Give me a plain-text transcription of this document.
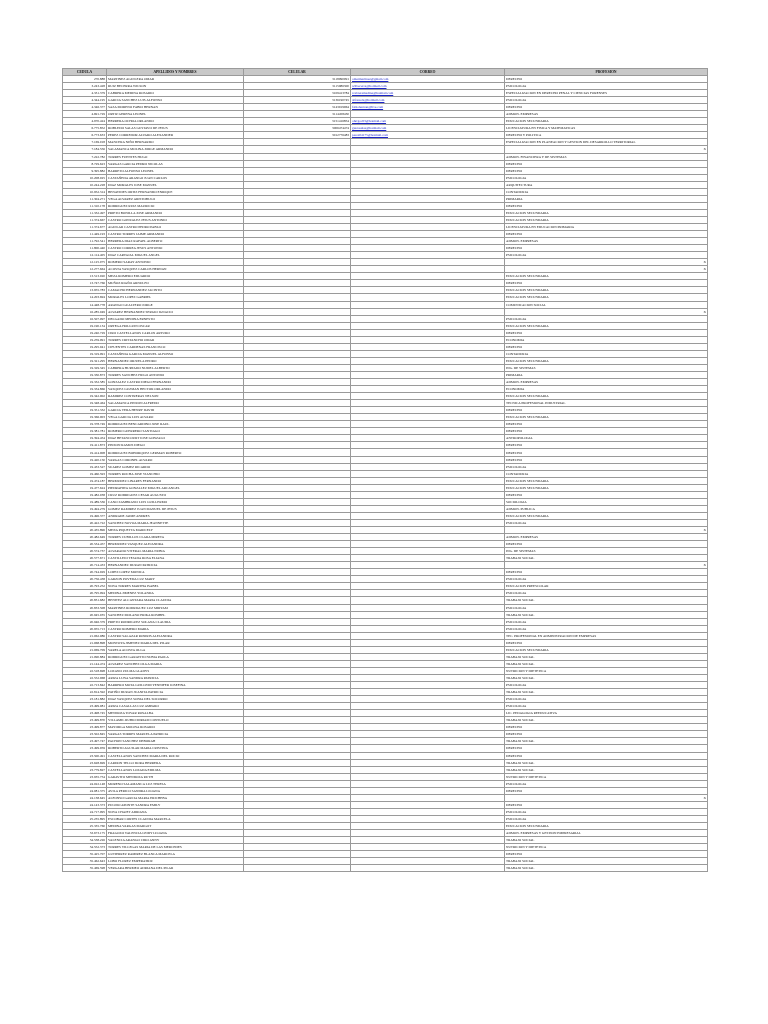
CEDULA	APELLIDOS Y NOMBRES	CELULAR	CORREO	PROFESION
270.888	MARTINEZ AGUILERA OMAR	3118090091	omarmartinez@gmail.com	DERECHO
3.243.428	RUIZ BECERRA WILSON	3115986300	wilbecerra@hotmail.com	PSICOLOGIA
4.331.379	CABRERA MEDINA ROSARIO	3109413784	rcabreramedina@hotmail.com	ESPECIALIZACION EN DERECHO PENAL Y CIENCIAS FORENSES
4.344.195	GARCIA SANCHEZ LUIS ALFONSO	3136190745	alfonsols@hotmail.com	PSICOLOGIA
4.346.377	SAZA MORENO FABIO HERNAN	3143919964	fabiohernan@live.com	DERECHO
4.691.729	ORTIZ GERENA LEONEL	3114458430		ADMON. EMPRESAS
4.970.424	HERRERA OCHOA ORLANDO	3151416854	ohrrgoc03@hotmail.com	EDUCACION SECUNDARIA
6.775.852	ROBLEDO SALAS GUSTAVO DE JESUS	3006474474	gusrosalas@hotmail.com	LICENCIATURA EN FISICA Y MATEMATICAS
6.773.633	PEREZ CORREDOR ALVARO ALEXANDER	3012776483	perez04175@hotmail.com	DERECHO Y POLITICA
7.169.018	MANCERA NIÑO BERNARDO			ESPECIALIZACION EN PLANEACION Y GESTION DEL DESARROLLO TERRITORIAL
7.184.556	SALAMANCA MOLINA JORGE ARMANDO			X

7.222.782	TORRES FUENTES HUGO			ADMON. FINANCIERA Y DE SISTEMAS
8.729.623	VARGAS GARCIA PEDRO NICOLAS			DERECHO
9.395.882	BARRETO ALFONSO LEONEL			DERECHO
10.208.025	CASTAÑEDA ARANGO JUAN CARLOS			PSICOLOGIA
10.244.228	DIAZ MORALES JOSE MANUEL			ARQUITECTURA
10.952.314	BENAVIDES ORTIZ FERNANDO ENRIQUE			CONTADURIA
11.304.271	VEGA ALVAREZ ARISTOBULO			PRIMARIA
11.310.178	RODRIGUEZ RUIZ MAURICIO			DERECHO
11.332.497	PRIETO BONILLA JOSE ARMANDO			EDUCACION SECUNDARIA
11.374.667	CASTRO GONZALEZ JESUS ANTONIO			EDUCACION SECUNDARIA
11.374.677	AGUILAR CASTRO PEDRO PABLO			LICENCIATURA EN EDUCACION PRIMARIA
11.449.193	CASTRO TORRES JAIME ARMANDO			DERECHO
11.792.541	HERRERA DIAZ RAFAEL ALBERTO			ADMON. EMPRESAS
11.800.440	CASTRO CORREA JESUS ANTONIO			DERECHO
12.114.405	DIAZ CARVAJAL MIGUEL ANGEL			PSICOLOGIA
12.125.075	ROMERO SARAY ANTONIO			X

12.277.664	ACOSTA VASQUEZ CARLOS HERNAN			X

13.513.020	MEZA ROMERO EDUARDO			EDUCACION SECUNDARIA
13.747.766	MUÑOZ RIAÑO ARNULFO			DERECHO
13.955.783	CAMACHO HERNANDEZ JACINTO			EDUCACION SECUNDARIA
14.203.694	MORALES LOPEZ GABRIEL			EDUCACION SECUNDARIA
14.448.778	ARANGO GUALTERO JORGE			COMUNICACION SOCIAL
16.285.049	ALVAREZ HERNANDEZ SERGIO IGNACIO			X

16.507.097	DELGADO MEDINA ERNESTO			PSICOLOGIA
19.190.134	ORTEGA HOLGUIN OSCAR			EDUCACION SECUNDARIA
19.240.729	CIRO CASTELLANOS CARLOS ARTURO			DERECHO
19.259.991	TORRES CRISTANCHO OMAR			ECONOMIA
19.295.941	CIFUENTES CARDENAS FRANCISCO			DERECHO
19.319.991	CASTAÑEDA GARCIA MANUEL ALFONSO			CONTADURIA
19.321.295	HERNANDEZ ORJUELA PEDRO			EDUCACION SECUNDARIA
19.329.345	CABRERA HURTADO NUMEL ALBERTO			ING. DE SISTEMAS
19.330.873	TORRES SANCHEZ HUGO ANTONIO			PRIMARIA
19.332.585	GONZALEZ CASTRO DIEGO FERNANDO			ADMON. EMPRESAS
19.334.866	VASQUEZ GUZMAN HECTOR ORLANDO			ECONOMIA
19.342.902	RAMIREZ CONTRERAS NELSON			EDUCACION SECUNDARIA
19.348.464	SALAMANCA PINZON ALFREDO			TECNICA PROFESIONAL INDUSTRIAL
19.351.332	GARCIA VERA HENRY DAVID			DERECHO
19.366.903	VEGA GARCIA LUIS ALVARO			EDUCACION SECUNDARIA
19.378.749	RODRIGUEZ BENCARDINO JOSE RAUL			DERECHO
19.381.781	ROMERO GUERRERO SANTIAGO			DERECHO
19.394.454	DIAZ BETANCOURT JOSE GONZALO			ANTROPOLOGIA
19.411.873	PINZON RAMOS DIEGO			DERECHO
19.414.908	RODRIGUEZ BOHORQUEZ GERMAN ROBERTO			DERECHO
19.420.150	VARGAS CORONEL ALVARO			DERECHO
19.433.527	SUAREZ GOMEZ RICARDO			PSICOLOGIA
19.460.593	TORRES ROCHA JOSE VIANCHIO			CONTADURIA
19.474.187	BERMUDEZ LINARES FERNANDO			EDUCACION SECUNDARIA
19.477.624	PIEDRAHITA GONZALEZ MIGUEL ARCANGEL			EDUCACION SECUNDARIA
19.482.038	CRUZ RODRIGUEZ CESAR AUGUSTO			DERECHO
19.489.536	CANO ZAMBRANO LUIS GUILLERMO			SOCIOLOGIA
19.494.279	GOMEZ RAMIREZ JUAN MANUEL DE JESUS			ADMON. PUBLICA
19.496.377	ANDRADE JAIME ANDRES			EDUCACION SECUNDARIA
20.422.722	SANCHEZ NOVOA MARIA JEANNETTE			PSICOLOGIA
20.435.896	MEJIA PIQUETTA MARICELY			X

20.482.649	TORRES CUBILLOS CLARA MIRETA			ADMON. EMPRESAS
20.534.457	BERMUDEZ VASQUEZ ALEJANDRA			DERECHO
20.574.737	ALVARADO VITERAL MARIA NUBIA			ING. DE SISTEMAS
20.577.671	CASTILLEJO TEJADA ROSA ELIANA			TRABAJO SOCIAL
20.714.433	HERNANDEZ DURAN PATRICIA			X

20.744.929	LOPEZ LOPEZ MONICA			DERECHO
20.756.438	GARZON POVEDA LUZ MARY			PSICOLOGIA
20.793.252	NOVA TORRES MARTHA ISABEL			EDUCACION PREESCOLAR
20.795.994	MEDINA JIMENEZ YOLANDA			PSICOLOGIA
20.831.682	BENITEZ ALCANTARA MARIA CLAUDIA			TRABAJO SOCIAL
20.833.508	MARTINEZ RODRIGUEZ LUZ MIRYAM			PSICOLOGIA
20.945.035	SANCHEZ MOLANO ERIKA ROSIBEL			TRABAJO SOCIAL
20.946.379	PRIETO RODRIGUEZ SOLANA CLAUDIA			PSICOLOGIA
20.955.713	CASTRO ROMERO MARIA			PSICOLOGIA
21.062.086	CASTRO SALAZAR ROSIRIS ALEJANDRA			TEC. PROFESIONAL EN ADMINISTRACION DE EMPRESAS
21.068.898	MONTOYA JIMENEZ MARIA DEL PILAR			DERECHO
21.069.709	VARELA ACOSTA OLGA			EDUCACION SECUNDARIA
21.090.884	RODRIGUEZ GARAVITO NUBIA PAOLA			TRABAJO SOCIAL
21.144.474	ALVAREZ SANCHEZ OLGA MARIA			TRABAJO SOCIAL
22.518.698	LOZANO ZULMA GLADYS			NUTRICION Y DIETETICA
22.552.968	ARIZA LUNA SANDRA PATRICIA			TRABAJO SOCIAL
22.713.842	BARRERO MOTA GUILLEMI YENNIFER JOSEFINA			PSICOLOGIA
22.814.592	PATIÑO DURAN JUANITA PATRICIA			TRABAJO SOCIAL
23.181.882	DIAZ VASQUEZ SONIA DEL SOCORRO			PSICOLOGIA
23.499.081	ARIZA CASALLAS LUZ AMPARO			PSICOLOGIA
23.498.745	MENDOZA TOVAR ROSALBA			LIC. PEDAGOGIA REEDUCATIVA
23.499.870	VILLAMIL RUBIO MIRIAM CONSUELO			TRABAJO SOCIAL
23.499.877	MAYORGA MOLINA ROSARIO			DERECHO
23.502.845	VARGAS TORRES MARCELA PATRICIA			DERECHO
23.497.747	PACHON SANCHEZ DEBORAH			TRABAJO SOCIAL
23.499.959	ROBERTO AGUILAR MARIA CRISTINA			DERECHO
23.500.491	CASTELLANOS SANCHEZ MARIA DEL ROCIO			DERECHO
23.628.699	CARDON TELLO DORA HERRERA			TRABAJO SOCIAL
23.779.827	CASTELLANOS LOZADA EDILMA			TRABAJO SOCIAL
23.935.754	GARAVITO MENDOZA RUTH			NUTRICION Y DIETETICA
24.022.148	MORENO SALAMANCA LUZ TERESA			PSICOLOGIA
24.081.375	AVILA PERICO SANDRA LILIANA			DERECHO
24.138.645	ALFONSO GARCIA MARIA ERICHEBA			X

24.143.373	PULIDO APONTE SANDRA EMILY			DERECHO
24.717.995	NOVA CHAJET ADRIANA			PSICOLOGIA
25.235.895	ESCOBAR CORTES CLAUDIA MARCELA			PSICOLOGIA
25.335.760	MEDINA VARGAS MARGOT			EDUCACION SECUNDARIA
33.673.175	FRAGOZO VALENCIA LEIDY LILIANA			ADMON. EMPRESAS Y GESTION EMPRESARIAL
34.538.226	VALENCIA ARANGO CIRO ANNY			TRABAJO SOCIAL
34.552.373	TORRES VILLEGAS MARIA DE LAS MERCEDES			NUTRICION Y DIETETICA
35.425.707	GUTIERREZ RAMIREZ BLANCA MARCELA			DERECHO
35.462.643	LOBO FLOREZ EMPERATRIZ			TRABAJO SOCIAL
35.469.598	VERGARA BERMEO ADRIANA DEL PILAR			TRABAJO SOCIAL
